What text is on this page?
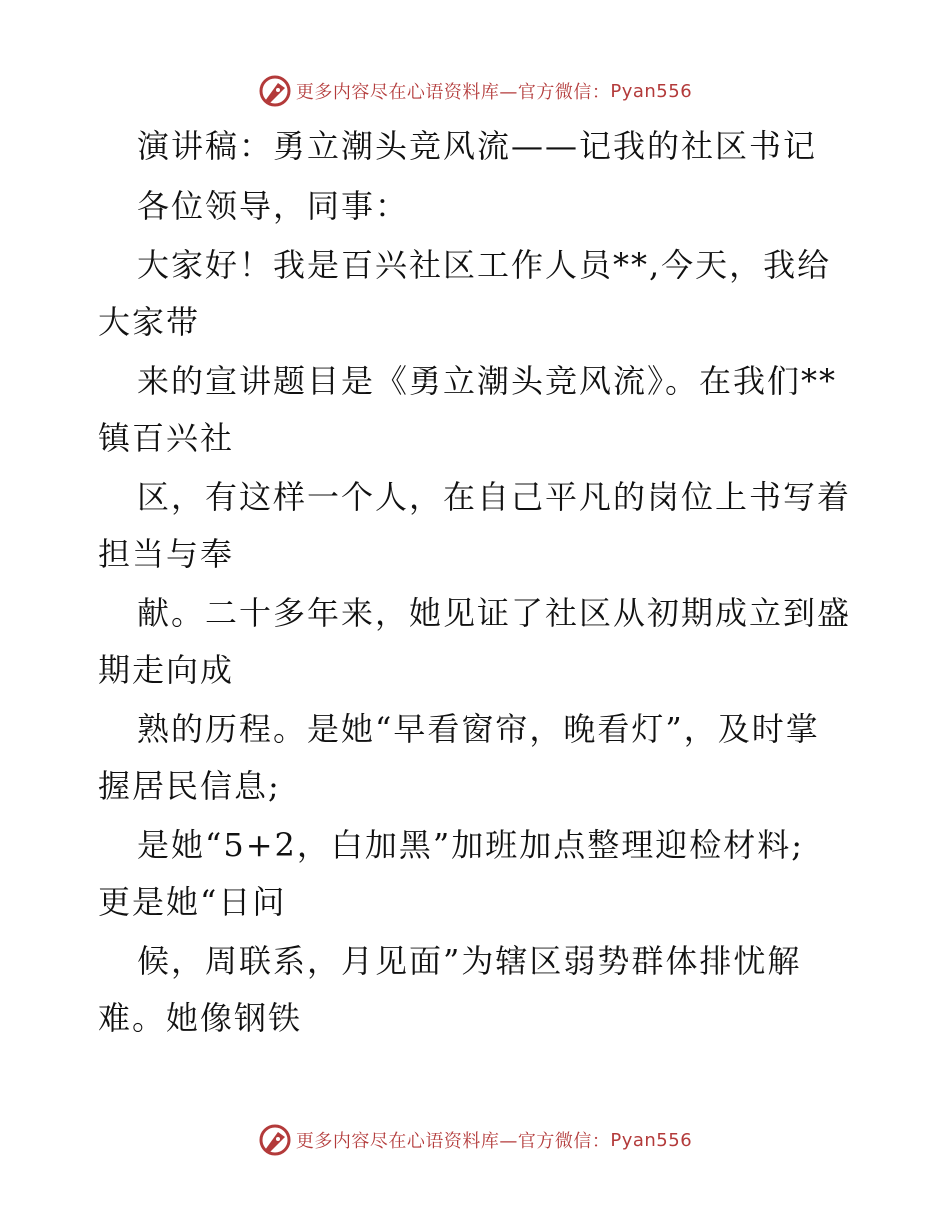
更多内容尽在心语资料库—官方微信： Pyan556
演讲稿：勇立潮头竞风流——记我的社区书记
各位领导，同事：
大家好！我是百兴社区工作人员**,今天，我给
大家带
来的宣讲题目是《勇立潮头竞风流》。在我们**
镇百兴社
区，有这样一个人，在自己平凡的岗位上书写着
担当与奉
献。二十多年来，她见证了社区从初期成立到盛
期走向成
熟的历程。是她“早看窗帘，晚看灯”，及时掌
握居民信息;
是她“5+2，白加黑”加班加点整理迎检材料;
更是她“日问
候，周联系，月见面”为辖区弱势群体排忧解
难。她像钢铁
更多内容尽在心语资料库—官方微信： Pyan556
